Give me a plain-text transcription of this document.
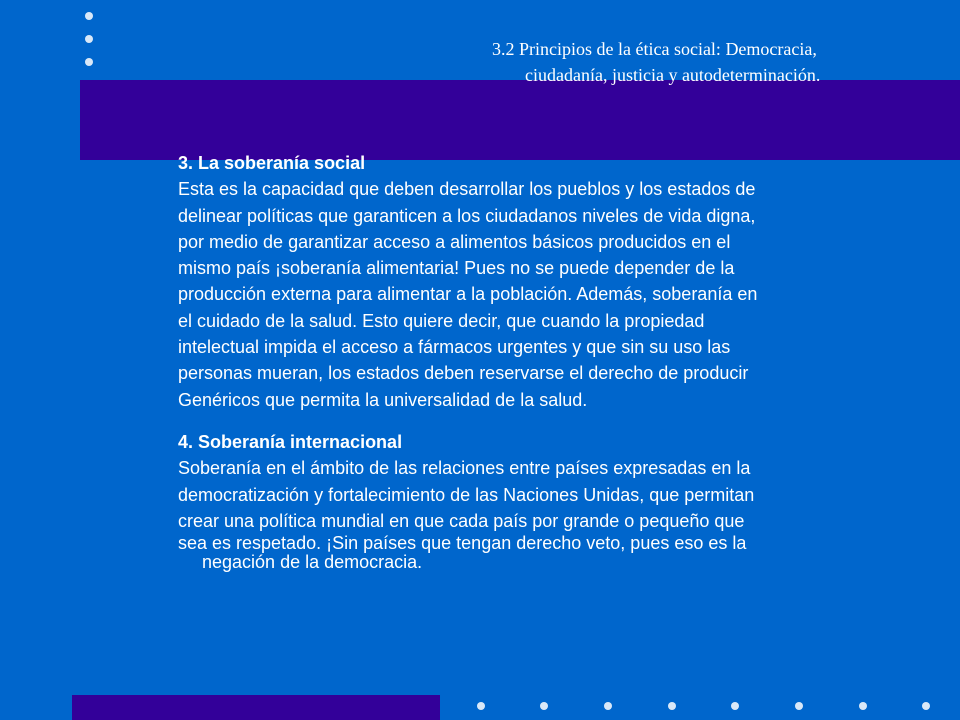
3.2 Principios de la ética social: Democracia,
ciudadanía, justicia y autodeterminación.
3. La soberanía social
Esta es la capacidad que deben desarrollar los pueblos y los estados de
delinear políticas que garanticen a los ciudadanos niveles de vida digna,
por medio de garantizar acceso a alimentos básicos producidos en el
mismo país ¡soberanía alimentaria! Pues no se puede depender de la
producción externa para alimentar a la población. Además, soberanía en
el cuidado de la salud. Esto quiere decir, que cuando la propiedad
intelectual impida el acceso a fármacos urgentes y que sin su uso las
personas mueran, los estados deben reservarse el derecho de producir
Genéricos que permita la universalidad de la salud.
4. Soberanía internacional
Soberanía en el ámbito de las relaciones entre países expresadas en la
democratización y fortalecimiento de las Naciones Unidas, que permitan
crear una política mundial en que cada país por grande o pequeño que
sea es respetado. ¡Sin países que tengan derecho veto, pues eso es la
negación de la democracia.
